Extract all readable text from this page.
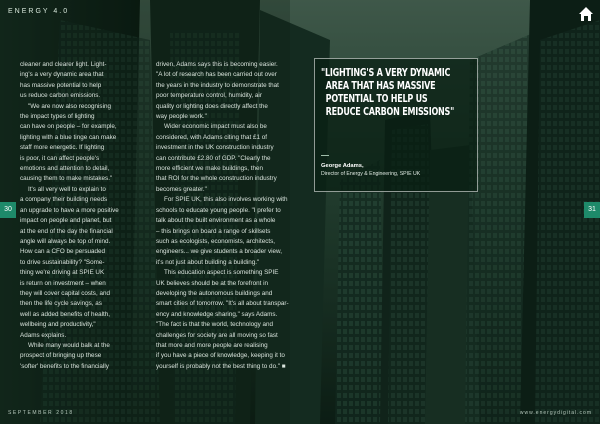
ENERGY 4.0
30	31

cleaner and clearer light. Light-

ing's a very dynamic area that

has massive potential to help

us reduce carbon emissions.

"We are now also recognising

the impact types of lighting

can have on people – for example,

lighting with a blue tinge can make

staff more energetic. If lighting

is poor, it can affect people's

emotions and attention to detail,

causing them to make mistakes."

It's all very well to explain to

a company their building needs

an upgrade to have a more positive

impact on people and planet, but

at the end of the day the financial

angle will always be top of mind.

How can a CFO be persuaded

to drive sustainability? "Some-

thing we're driving at SPIE UK

is return on investment – when

they will cover capital costs, and

then the life cycle savings, as

well as added benefits of health,

wellbeing and productivity,"

Adams explains.

While many would balk at the

prospect of bringing up these

'softer' benefits to the financially

driven, Adams says this is becoming easier.

"A lot of research has been carried out over

the years in the industry to demonstrate that

poor temperature control, humidity, air

quality or lighting does directly affect the

way people work."

Wider economic impact must also be

considered, with Adams citing that £1 of

investment in the UK construction industry

can contribute £2.80 of GDP. "Clearly the

more efficient we make buildings, then

that ROI for the whole construction industry

becomes greater."

For SPIE UK, this also involves working with

schools to educate young people. "I prefer to

talk about the built environment as a whole

– this brings on board a range of skillsets

such as ecologists, economists, architects,

engineers... we give students a broader view,

it's not just about building a building."

This education aspect is something SPIE

UK believes should be at the forefront in

developing the autonomous buildings and

smart cities of tomorrow. "It's all about transpar-

ency and knowledge sharing," says Adams.

"The fact is that the world, technology and

challenges for society are all moving so fast

that more and more people are realising

if you have a piece of knowledge, keeping it to

yourself is probably not the best thing to do." ■

"LIGHTING'S A VERY DYNAMIC
AREA THAT HAS MASSIVE
POTENTIAL TO HELP US
REDUCE CARBON EMISSIONS"
George Adams,
Director of Energy & Engineering, SPIE UK
SEPTEMBER 2018	www.energydigital.com
